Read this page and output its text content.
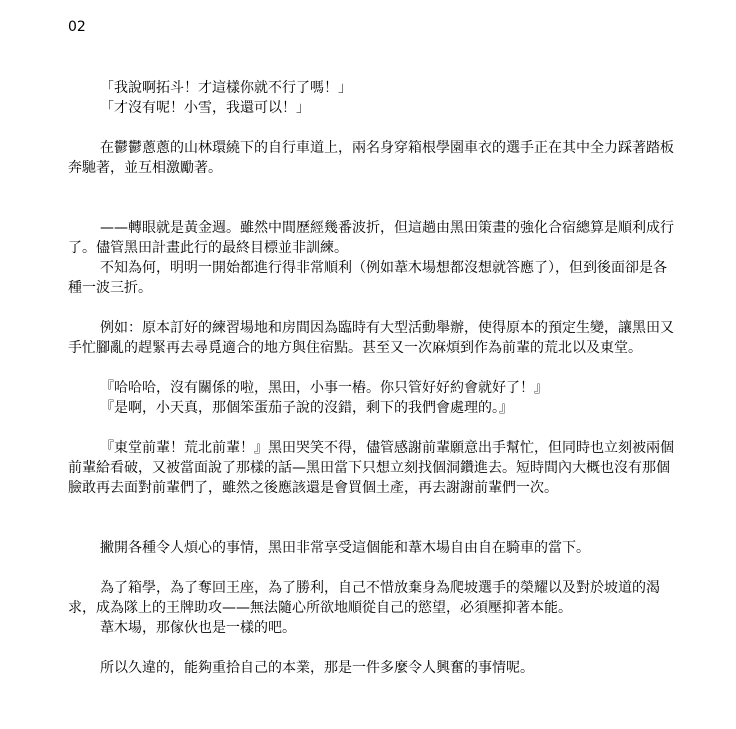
02

「我說啊拓斗！才這樣你就不行了嗎！」

「才沒有呢！小雪，我還可以！」

在鬱鬱蔥蔥的山林環繞下的自行車道上，兩名身穿箱根學園車衣的選手正在其中全力踩著踏板奔馳著，並互相激勵著。

——轉眼就是黃金週。雖然中間歷經幾番波折，但這趟由黑田策畫的強化合宿總算是順利成行了。儘管黑田計畫此行的最終目標並非訓練。

不知為何，明明一開始都進行得非常順利（例如葦木場想都沒想就答應了），但到後面卻是各種一波三折。

例如：原本訂好的練習場地和房間因為臨時有大型活動舉辦，使得原本的預定生變，讓黑田又手忙腳亂的趕緊再去尋覓適合的地方與住宿點。甚至又一次麻煩到作為前輩的荒北以及東堂。

『哈哈哈，沒有關係的啦，黑田，小事一樁。你只管好好約會就好了！』

『是啊，小天真，那個笨蛋茄子說的沒錯，剩下的我們會處理的。』

『東堂前輩！荒北前輩！』黑田哭笑不得，儘管感謝前輩願意出手幫忙，但同時也立刻被兩個前輩給看破，又被當面說了那樣的話—黑田當下只想立刻找個洞鑽進去。短時間內大概也沒有那個臉敢再去面對前輩們了，雖然之後應該還是會買個土產，再去謝謝前輩們一次。

撇開各種令人煩心的事情，黑田非常享受這個能和葦木場自由自在騎車的當下。

為了箱學，為了奪回王座，為了勝利，自己不惜放棄身為爬坡選手的榮耀以及對於坡道的渴求，成為隊上的王牌助攻——無法隨心所欲地順從自己的慾望，必須壓抑著本能。

葦木場，那傢伙也是一樣的吧。

所以久違的，能夠重拾自己的本業，那是一件多麼令人興奮的事情呢。
